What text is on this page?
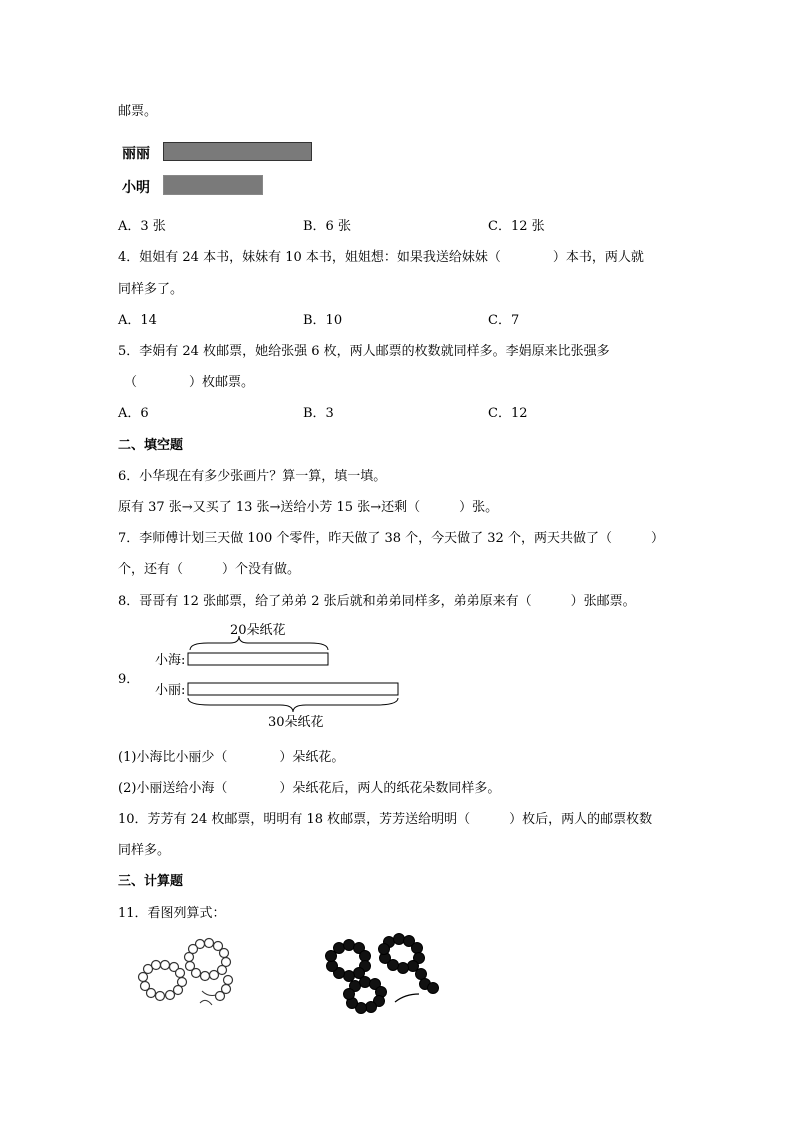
邮票。
丽丽
小明
A．3 张	B．6 张	C．12 张
4．姐姐有 24 本书，妹妹有 10 本书，姐姐想：如果我送给妹妹（　　　　）本书，两人就
同样多了。
A．14	B．10	C．7
5．李娟有 24 枚邮票，她给张强 6 枚，两人邮票的枚数就同样多。李娟原来比张强多
（　　　　）枚邮票。
A．6	B．3	C．12
二、填空题
6．小华现在有多少张画片？算一算，填一填。
原有 37 张→又买了 13 张→送给小芳 15 张→还剩（　　　）张。
7．李师傅计划三天做 100 个零件，昨天做了 38 个，今天做了 32 个，两天共做了（　　　）
个，还有（　　　）个没有做。
8．哥哥有 12 张邮票，给了弟弟 2 张后就和弟弟同样多，弟弟原来有（　　　）张邮票。
9．
20朵纸花
小海:
小丽:
30朵纸花
(1)小海比小丽少（　　　　）朵纸花。
(2)小丽送给小海（　　　　）朵纸花后，两人的纸花朵数同样多。
10．芳芳有 24 枚邮票，明明有 18 枚邮票，芳芳送给明明（　　　）枚后，两人的邮票枚数
同样多。
三、计算题
11．看图列算式：
